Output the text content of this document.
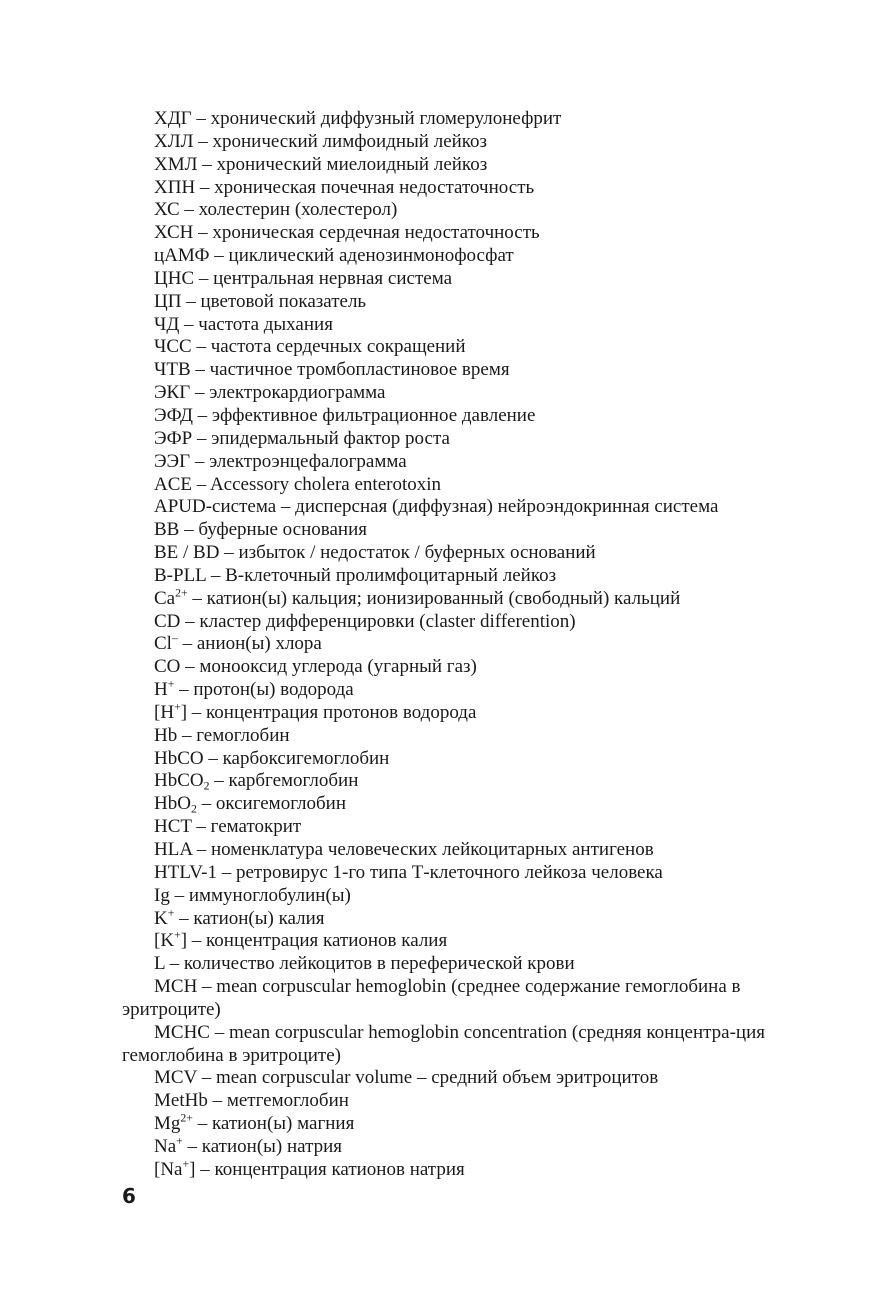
ХДГ – хронический диффузный гломерулонефрит

ХЛЛ – хронический лимфоидный лейкоз

ХМЛ – хронический миелоидный лейкоз

ХПН – хроническая почечная недостаточность

ХС – холестерин (холестерол)

ХСН – хроническая сердечная недостаточность

цАМФ – циклический аденозинмонофосфат

ЦНС – центральная нервная система

ЦП – цветовой показатель

ЧД – частота дыхания

ЧСС – частота сердечных сокращений

ЧТВ – частичное тромбопластиновое время

ЭКГ – электрокардиограмма

ЭФД – эффективное фильтрационное давление

ЭФР – эпидермальный фактор роста

ЭЭГ – электроэнцефалограмма

ACE – Accessory cholera enterotoxin

APUD-система – дисперсная (диффузная) нейроэндокринная система

BB – буферные основания

BE / BD – избыток / недостаток / буферных оснований

B-PLL – B-клеточный пролимфоцитарный лейкоз

$Ca^{2+}$ – катион(ы) кальция; ионизированный (свободный) кальций

CD – кластер дифференцировки (claster differention)

Cl– – анион(ы) хлора

CO – монооксид углерода (угарный газ)

H+ – протон(ы) водорода

[H+] – концентрация протонов водорода

Hb – гемоглобин

HbCO – карбоксигемоглобин

HbCO$_2$ – карбгемоглобин

HbO$_2$ – оксигемоглобин

HCT – гематокрит

HLA – номенклатура человеческих лейкоцитарных антигенов

HTLV-1 – ретровирус 1-го типа Т-клеточного лейкоза человека

Ig – иммуноглобулин(ы)

K+ – катион(ы) калия

[K+] – концентрация катионов калия

L – количество лейкоцитов в переферической крови

MCH – mean corpuscular hemoglobin (среднее содержание гемоглобина в эритроците)

MCHC – mean corpuscular hemoglobin concentration (средняя концентра-ция гемоглобина в эритроците)

MCV – mean corpuscular volume – средний объем эритроцитов

MetHb – метгемоглобин

$Mg^{2+}$ – катион(ы) магния

Na+ – катион(ы) натрия

[Na+] – концентрация катионов натрия

6
